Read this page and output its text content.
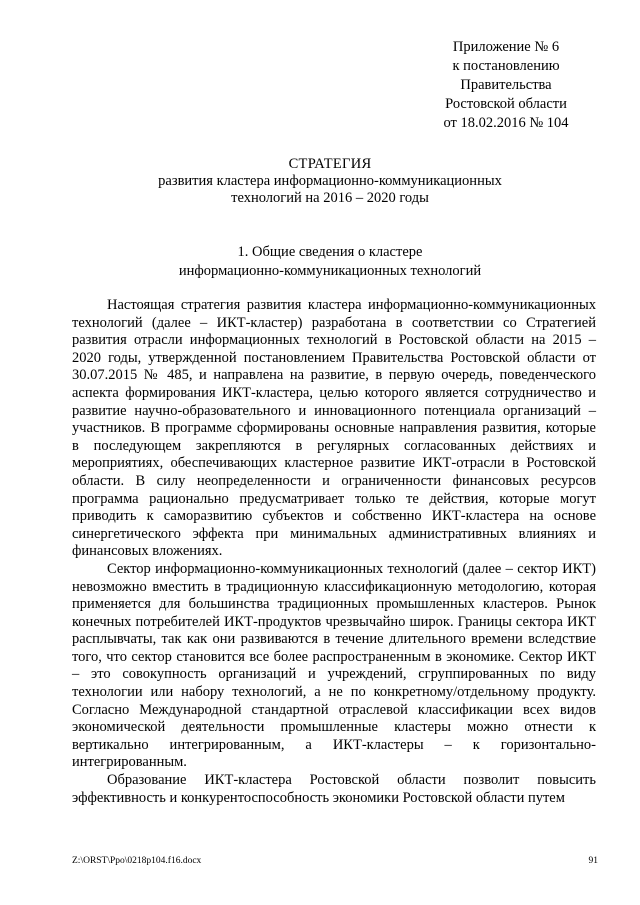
Приложение № 6
к постановлению
Правительства
Ростовской области
от 18.02.2016 № 104
СТРАТЕГИЯ
развития кластера информационно-коммуникационных
технологий на 2016 – 2020 годы
1. Общие сведения о кластере
информационно-коммуникационных технологий

Настоящая стратегия развития кластера информационно-коммуникационных технологий (далее – ИКТ-кластер) разработана в соответствии со Стратегией развития отрасли информационных технологий в Ростовской области на 2015 – 2020 годы, утвержденной постановлением Правительства Ростовской области от 30.07.2015 № 485, и направлена на развитие, в первую очередь, поведенческого аспекта формирования ИКТ-кластера, целью которого является сотрудничество и развитие научно-образовательного и инновационного потенциала организаций – участников. В программе сформированы основные направления развития, которые в последующем закрепляются в регулярных согласованных действиях и мероприятиях, обеспечивающих кластерное развитие ИКТ-отрасли в Ростовской области. В силу неопределенности и ограниченности финансовых ресурсов программа рационально предусматривает только те действия, которые могут приводить к саморазвитию субъектов и собственно ИКТ-кластера на основе синергетического эффекта при минимальных административных влияниях и финансовых вложениях.

Сектор информационно-коммуникационных технологий (далее – сектор ИКТ) невозможно вместить в традиционную классификационную методологию, которая применяется для большинства традиционных промышленных кластеров. Рынок конечных потребителей ИКТ-продуктов чрезвычайно широк. Границы сектора ИКТ расплывчаты, так как они развиваются в течение длительного времени вследствие того, что сектор становится все более распространенным в экономике. Сектор ИКТ – это совокупность организаций и учреждений, сгруппированных по виду технологии или набору технологий, а не по конкретному/отдельному продукту. Согласно Международной стандартной отраслевой классификации всех видов экономической деятельности промышленные кластеры можно отнести к вертикально интегрированным, а ИКТ-кластеры – к горизонтально-интегрированным.

Образование ИКТ-кластера Ростовской области позволит повысить эффективность и конкурентоспособность экономики Ростовской области путем

Z:\ORST\Ppo\0218p104.f16.docx	91
